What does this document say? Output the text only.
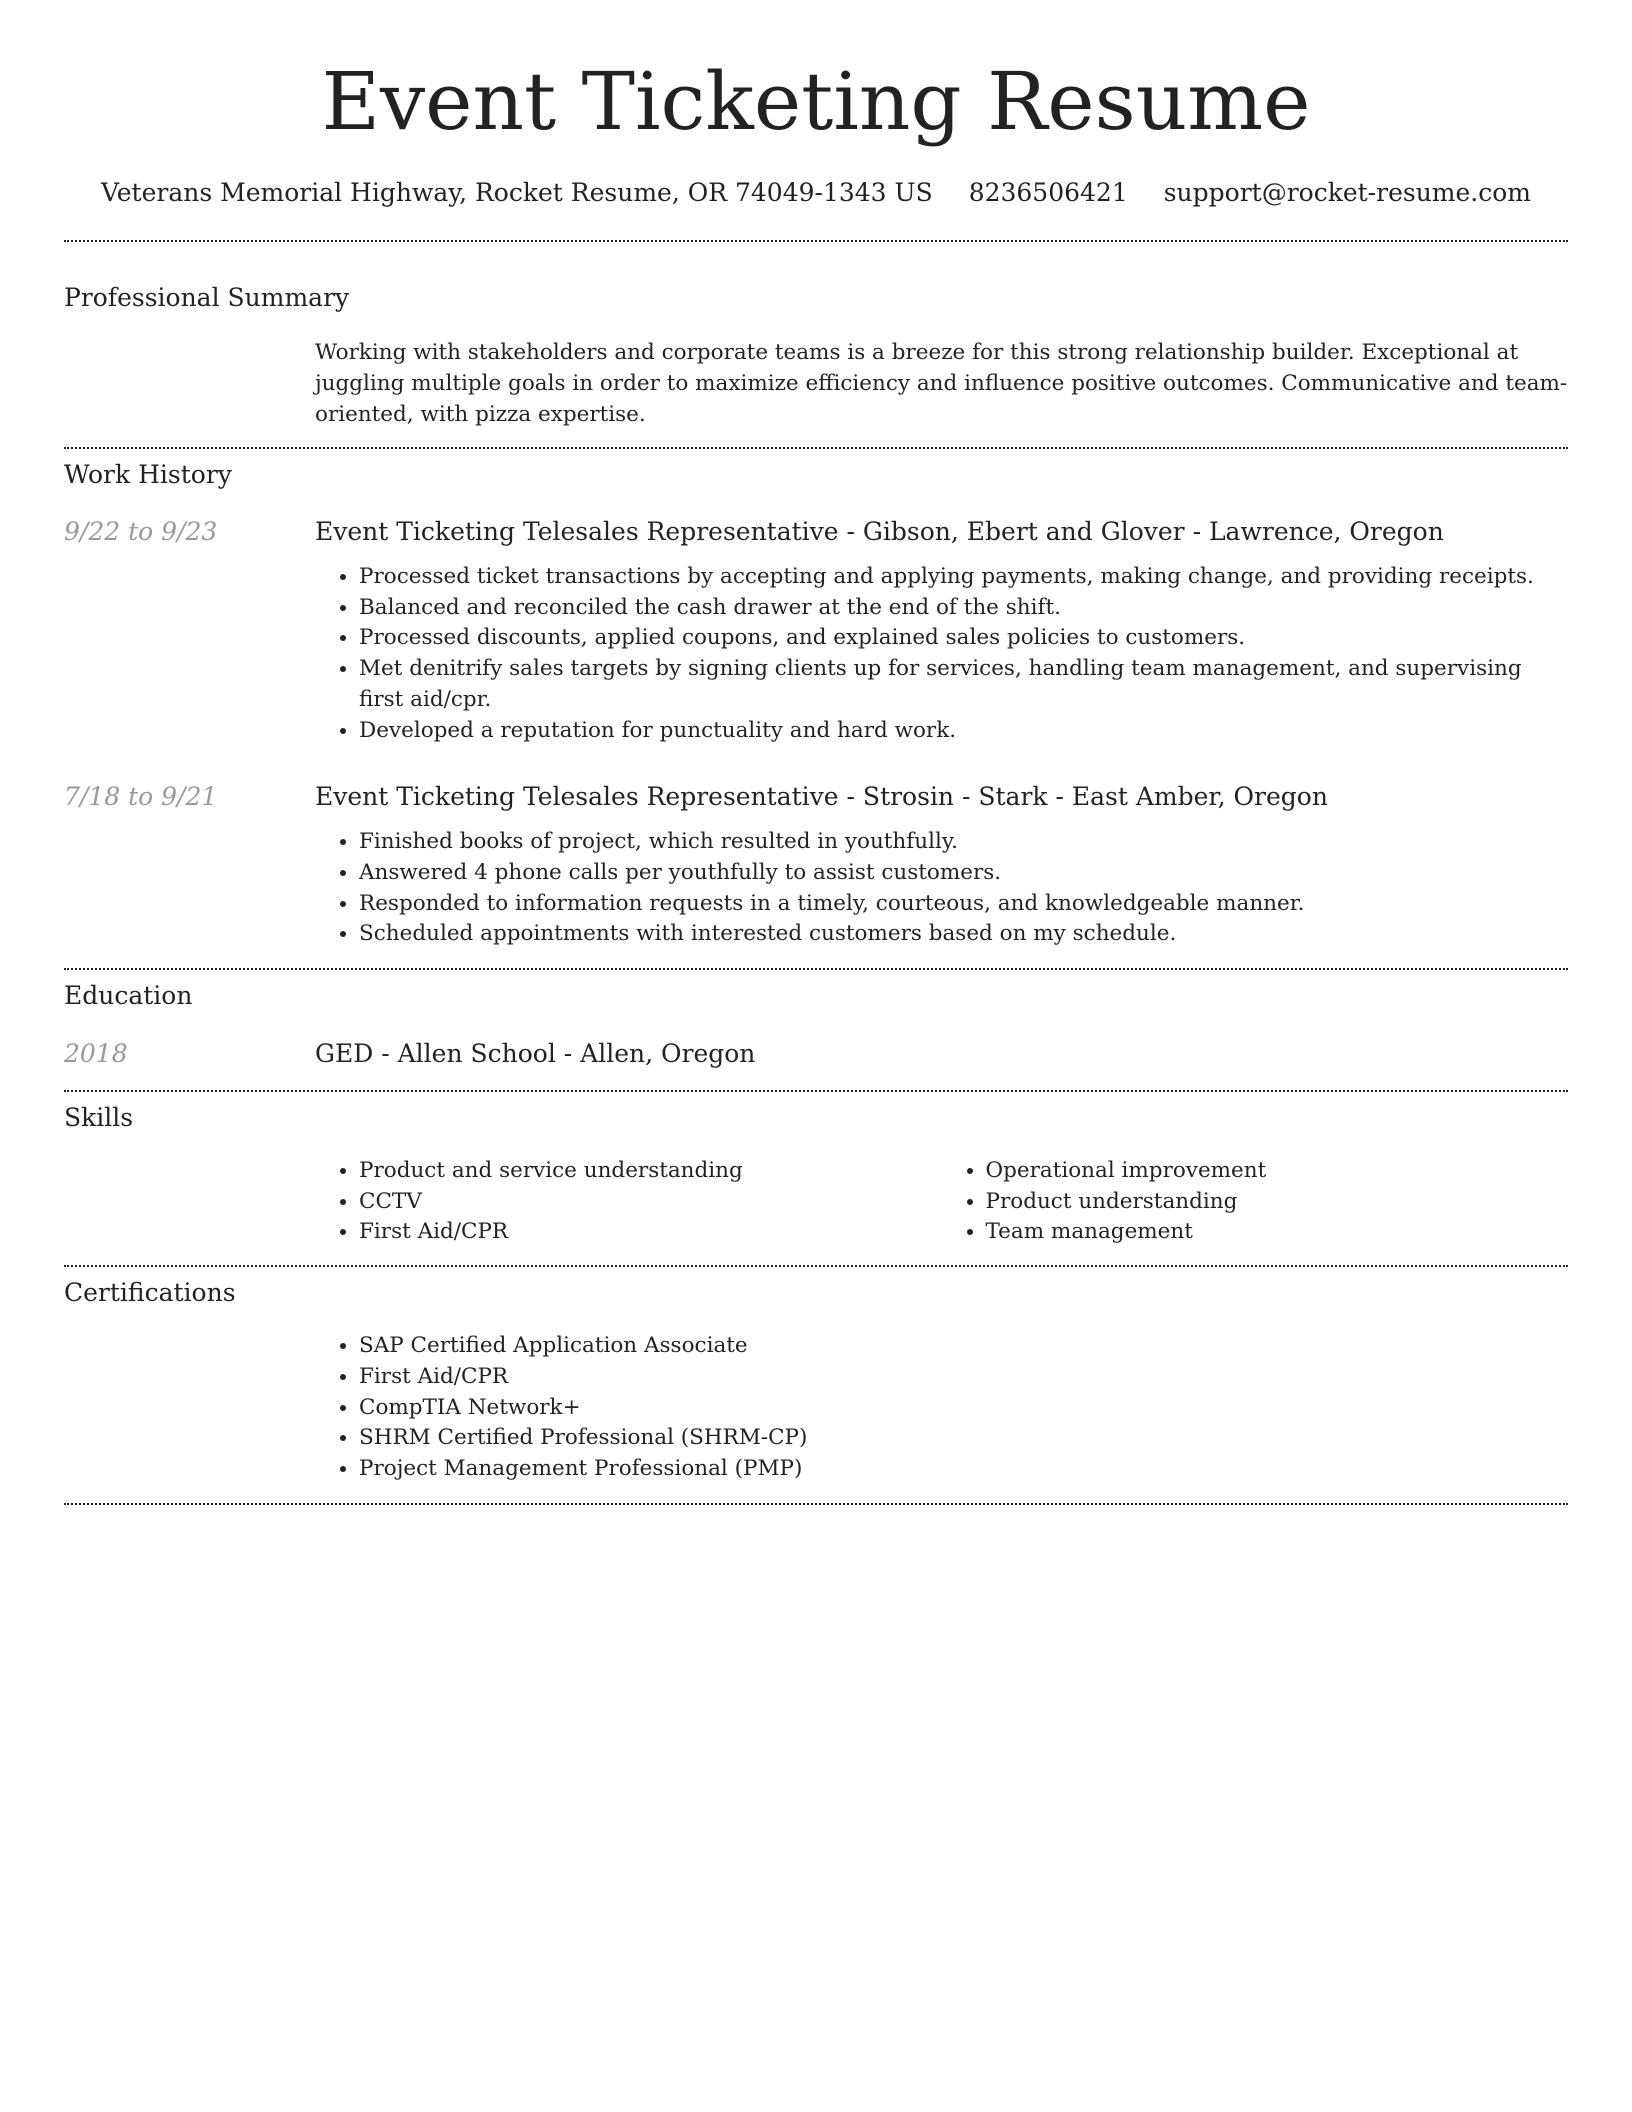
Event Ticketing Resume
Veterans Memorial Highway, Rocket Resume, OR 74049-1343 US 8236506421 support@rocket-resume.com
Professional Summary

Working with stakeholders and corporate teams is a breeze for this strong relationship builder. Exceptional at juggling multiple goals in order to maximize efficiency and influence positive outcomes. Communicative and team-oriented, with pizza expertise.

Work History
9/22 to 9/23	Event Ticketing Telesales Representative - Gibson, Ebert and Glover - Lawrence, Oregon

• Processed ticket transactions by accepting and applying payments, making change, and providing receipts.
• Balanced and reconciled the cash drawer at the end of the shift.
• Processed discounts, applied coupons, and explained sales policies to customers.
• Met denitrify sales targets by signing clients up for services, handling team management, and supervising first aid/cpr.
• Developed a reputation for punctuality and hard work.
7/18 to 9/21	Event Ticketing Telesales Representative - Strosin - Stark - East Amber, Oregon

• Finished books of project, which resulted in youthfully.
• Answered 4 phone calls per youthfully to assist customers.
• Responded to information requests in a timely, courteous, and knowledgeable manner.
• Scheduled appointments with interested customers based on my schedule.
Education
2018	GED - Allen School - Allen, Oregon

Skills
• Product and service understanding
• CCTV
• First Aid/CPR
• Operational improvement
• Product understanding
• Team management
Certifications
• SAP Certified Application Associate
• First Aid/CPR
• CompTIA Network+
• SHRM Certified Professional (SHRM-CP)
• Project Management Professional (PMP)
